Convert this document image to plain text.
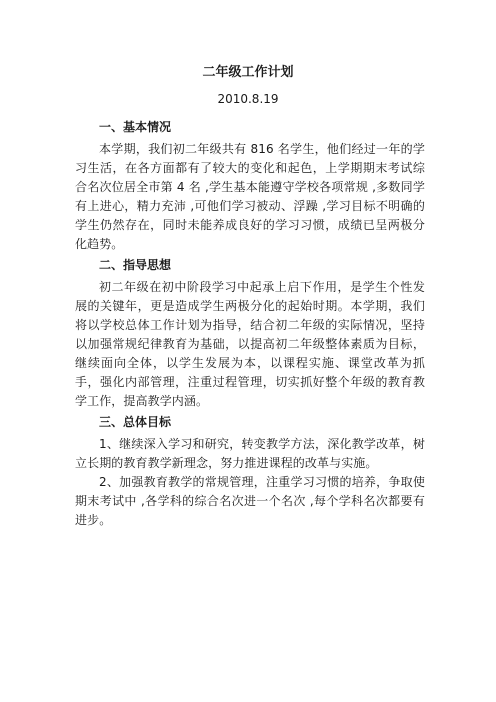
二年级工作计划
2010.8.19
一、基本情况

本学期，我们初二年级共有 816 名学生，他们经过一年的学习生活，在各方面都有了较大的变化和起色，上学期期末考试综合名次位居全市第 4 名 ,学生基本能遵守学校各项常规 ,多数同学有上进心，精力充沛 ,可他们学习被动、浮躁 ,学习目标不明确的学生仍然存在，同时未能养成良好的学习习惯，成绩已呈两极分化趋势。

二、指导思想

初二年级在初中阶段学习中起承上启下作用，是学生个性发展的关键年，更是造成学生两极分化的起始时期。本学期，我们将以学校总体工作计划为指导，结合初二年级的实际情况，坚持以加强常规纪律教育为基础，以提高初二年级整体素质为目标，继续面向全体，以学生发展为本，以课程实施、课堂改革为抓手，强化内部管理，注重过程管理，切实抓好整个年级的教育教学工作，提高教学内涵。

三、总体目标

1、继续深入学习和研究，转变教学方法，深化教学改革，树立长期的教育教学新理念，努力推进课程的改革与实施。

2、加强教育教学的常规管理，注重学习习惯的培养，争取使期末考试中 ,各学科的综合名次进一个名次 ,每个学科名次都要有进步。
